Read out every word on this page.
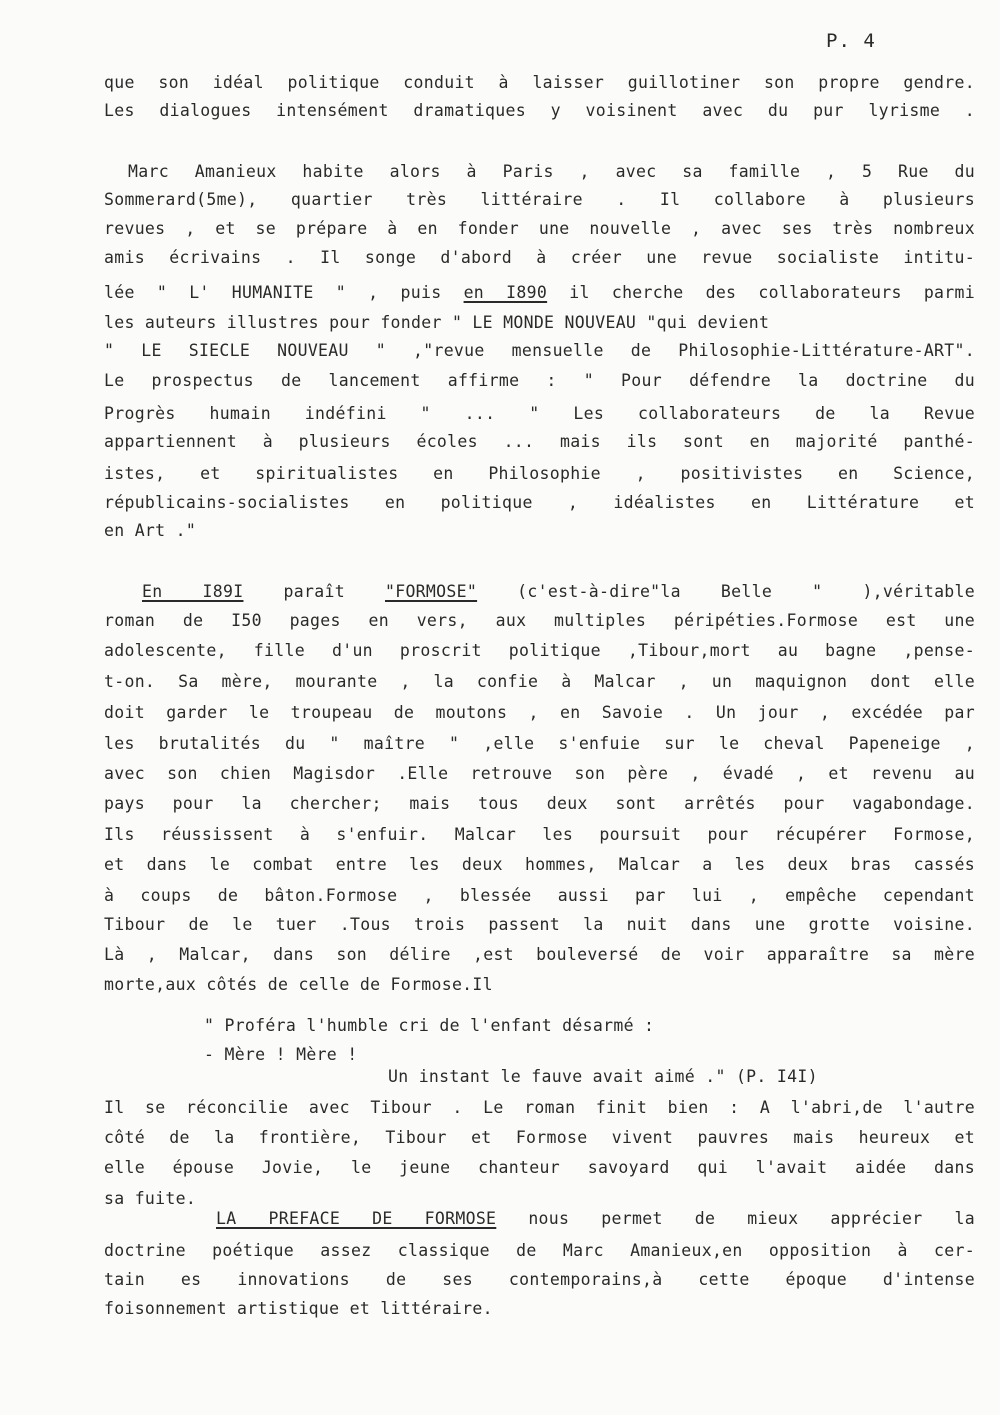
P. 4
que son idéal politique conduit à laisser guillotiner son propre gendre.
Les dialogues intensément dramatiques y voisinent avec du pur lyrisme .
Marc Amanieux habite alors à Paris , avec sa famille , 5 Rue du
Sommerard(5me), quartier très littéraire . Il collabore à plusieurs
revues , et se prépare à en fonder une nouvelle , avec ses très nombreux
amis écrivains . Il songe d'abord à créer une revue socialiste intitu-
lée " L' HUMANITE " , puis en I890 il cherche des collaborateurs parmi
les auteurs illustres pour fonder " LE MONDE NOUVEAU "qui devient
" LE SIECLE NOUVEAU " ,"revue mensuelle de Philosophie-Littérature-ART".
Le prospectus de lancement affirme : " Pour défendre la doctrine du
Progrès humain indéfini " ... " Les collaborateurs de la Revue
appartiennent à plusieurs écoles ... mais ils sont en majorité panthé-
istes, et spiritualistes en Philosophie , positivistes en Science,
républicains-socialistes en politique , idéalistes en Littérature et
en Art ."
En I89I paraît "FORMOSE" (c'est-à-dire"la Belle " ),véritable
roman de I50 pages en vers, aux multiples péripéties.Formose est une
adolescente, fille d'un proscrit politique ,Tibour,mort au bagne ,pense-
t-on. Sa mère, mourante , la confie à Malcar , un maquignon dont elle
doit garder le troupeau de moutons , en Savoie . Un jour , excédée par
les brutalités du " maître " ,elle s'enfuie sur le cheval Papeneige ,
avec son chien Magisdor .Elle retrouve son père , évadé , et revenu au
pays pour la chercher; mais tous deux sont arrêtés pour vagabondage.
Ils réussissent à s'enfuir. Malcar les poursuit pour récupérer Formose,
et dans le combat entre les deux hommes, Malcar a les deux bras cassés
à coups de bâton.Formose , blessée aussi par lui , empêche cependant
Tibour de le tuer .Tous trois passent la nuit dans une grotte voisine.
Là , Malcar, dans son délire ,est bouleversé de voir apparaître sa mère
morte,aux côtés de celle de Formose.Il
" Proféra l'humble cri de l'enfant désarmé :
- Mère ! Mère !
Un instant le fauve avait aimé ." (P. I4I)
Il se réconcilie avec Tibour . Le roman finit bien : A l'abri,de l'autre
côté de la frontière, Tibour et Formose vivent pauvres mais heureux et
elle épouse Jovie, le jeune chanteur savoyard qui l'avait aidée dans
sa fuite.
LA PREFACE DE FORMOSE nous permet de mieux apprécier la
doctrine poétique assez classique de Marc Amanieux,en opposition à cer-
tain es innovations de ses contemporains,à cette époque d'intense
foisonnement artistique et littéraire.
